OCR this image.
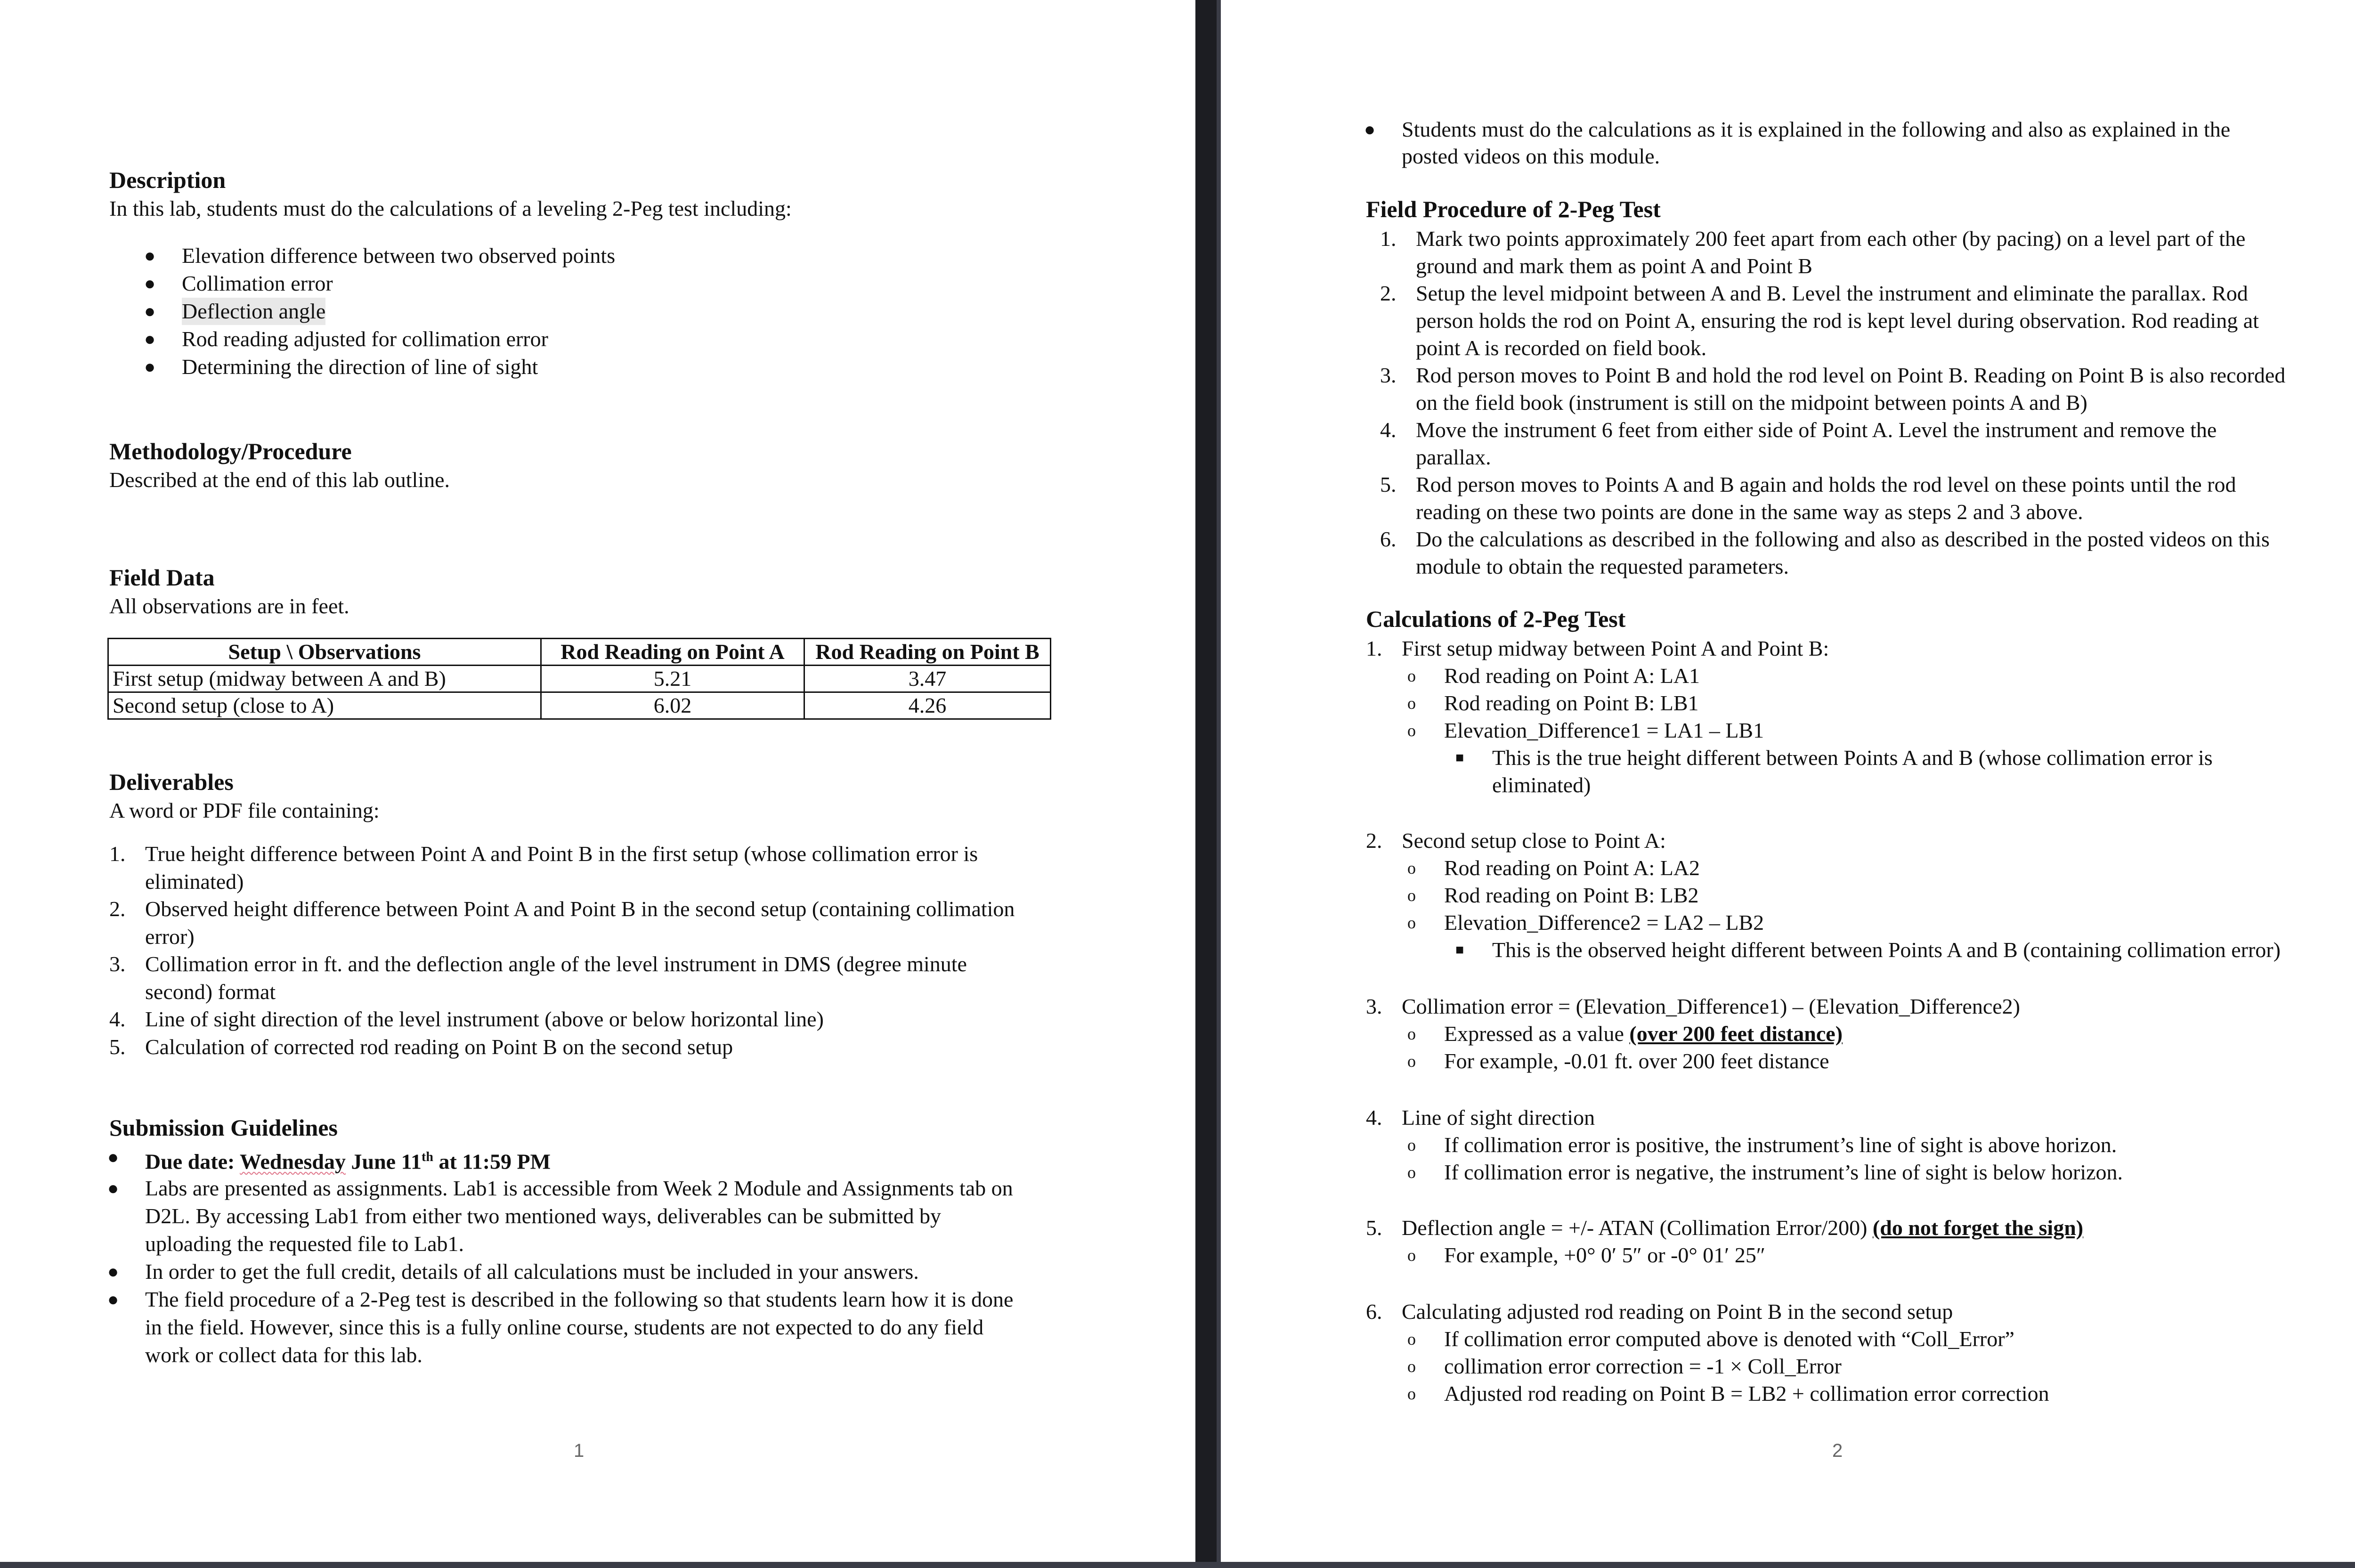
Description

In this lab, students must do the calculations of a leveling 2-Peg test including:

● Elevation difference between two observed points

● Collimation error

● Deflection angle

● Rod reading adjusted for collimation error

● Determining the direction of line of sight

Methodology/Procedure

Described at the end of this lab outline.

Field Data

All observations are in feet.

Setup \ Observations	Rod Reading on Point A	Rod Reading on Point B
First setup (midway between A and B)	5.21	3.47
Second setup (close to A)	6.02	4.26
Deliverables

A word or PDF file containing:

1. True height difference between Point A and Point B in the first setup (whose collimation error is

eliminated)

2. Observed height difference between Point A and Point B in the second setup (containing collimation

error)

3. Collimation error in ft. and the deflection angle of the level instrument in DMS (degree minute

second) format

4. Line of sight direction of the level instrument (above or below horizontal line)

5. Calculation of corrected rod reading on Point B on the second setup

Submission Guidelines
● Due date: Wednesday June 11th at 11:59 PM

● Labs are presented as assignments. Lab1 is accessible from Week 2 Module and Assignments tab on

D2L. By accessing Lab1 from either two mentioned ways, deliverables can be submitted by

uploading the requested file to Lab1.

● In order to get the full credit, details of all calculations must be included in your answers.

● The field procedure of a 2-Peg test is described in the following so that students learn how it is done

in the field. However, since this is a fully online course, students are not expected to do any field

work or collect data for this lab.

1
● Students must do the calculations as it is explained in the following and also as explained in the

posted videos on this module.

Field Procedure of 2-Peg Test
1. Mark two points approximately 200 feet apart from each other (by pacing) on a level part of the

ground and mark them as point A and Point B

2. Setup the level midpoint between A and B. Level the instrument and eliminate the parallax. Rod

person holds the rod on Point A, ensuring the rod is kept level during observation. Rod reading at

point A is recorded on field book.

3. Rod person moves to Point B and hold the rod level on Point B. Reading on Point B is also recorded

on the field book (instrument is still on the midpoint between points A and B)

4. Move the instrument 6 feet from either side of Point A. Level the instrument and remove the

parallax.

5. Rod person moves to Points A and B again and holds the rod level on these points until the rod

reading on these two points are done in the same way as steps 2 and 3 above.

6. Do the calculations as described in the following and also as described in the posted videos on this

module to obtain the requested parameters.

Calculations of 2-Peg Test
1. First setup midway between Point A and Point B:

o Rod reading on Point A: LA1

o Rod reading on Point B: LB1

o Elevation_Difference1 = LA1 – LB1

■ This is the true height different between Points A and B (whose collimation error is

eliminated)

2. Second setup close to Point A:

o Rod reading on Point A: LA2

o Rod reading on Point B: LB2

o Elevation_Difference2 = LA2 – LB2

■ This is the observed height different between Points A and B (containing collimation error)

3. Collimation error = (Elevation_Difference1) – (Elevation_Difference2)

o Expressed as a value (over 200 feet distance)

o For example, -0.01 ft. over 200 feet distance

4. Line of sight direction

o If collimation error is positive, the instrument’s line of sight is above horizon.

o If collimation error is negative, the instrument’s line of sight is below horizon.

5. Deflection angle = +/- ATAN (Collimation Error/200) (do not forget the sign)

o For example, +0° 0′ 5″ or -0° 01′ 25″

6. Calculating adjusted rod reading on Point B in the second setup

o If collimation error computed above is denoted with “Coll_Error”

o collimation error correction = -1 × Coll_Error

o Adjusted rod reading on Point B = LB2 + collimation error correction

2
